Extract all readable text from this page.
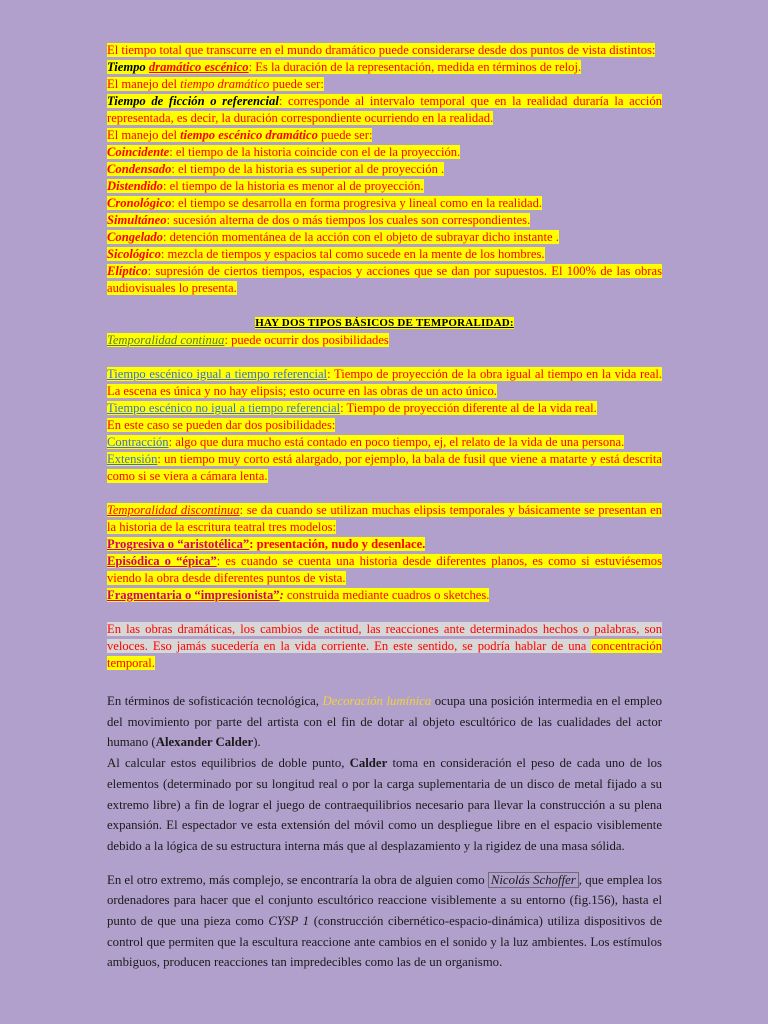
El tiempo total que transcurre en el mundo dramático puede considerarse desde dos puntos de vista distintos:

Tiempo dramático escénico: Es la duración de la representación, medida en términos de reloj.

El manejo del tiempo dramático puede ser:

Tiempo de ficción o referencial: corresponde al intervalo temporal que en la realidad duraría la acción representada, es decir, la duración correspondiente ocurriendo en la realidad.

El manejo del tiempo escénico dramático puede ser:

Coincidente: el tiempo de la historia coincide con el de la proyección.

Condensado: el tiempo de la historia es superior al de proyección .

Distendido: el tiempo de la historia es menor al de proyección.

Cronológico: el tiempo se desarrolla en forma progresiva y lineal como en la realidad.

Simultáneo: sucesión alterna de dos o más tiempos los cuales son correspondientes.

Congelado: detención momentánea de la acción con el objeto de subrayar dicho instante .

Sicológico: mezcla de tiempos y espacios tal como sucede en la mente de los hombres.

Elíptico: supresión de ciertos tiempos, espacios y acciones que se dan por supuestos. El 100% de las obras audiovisuales lo presenta.

HAY DOS TIPOS BÁSICOS DE TEMPORALIDAD:

Temporalidad continua: puede ocurrir dos posibilidades

Tiempo escénico igual a tiempo referencial: Tiempo de proyección de la obra igual al tiempo en la vida real. La escena es única y no hay elipsis; esto ocurre en las obras de un acto único.

Tiempo escénico no igual a tiempo referencial: Tiempo de proyección diferente al de la vida real.

En este caso se pueden dar dos posibilidades:

Contracción: algo que dura mucho está contado en poco tiempo, ej, el relato de la vida de una persona.

Extensión: un tiempo muy corto está alargado, por ejemplo, la bala de fusil que viene a matarte y está descrita como si se viera a cámara lenta.

Temporalidad discontinua: se da cuando se utilizan muchas elipsis temporales y básicamente se presentan en la historia de la escritura teatral tres modelos:

Progresiva o “aristotélica”: presentación, nudo y desenlace.

Episódica o “épica”: es cuando se cuenta una historia desde diferentes planos, es como si estuviésemos viendo la obra desde diferentes puntos de vista.

Fragmentaria o “impresionista”: construida mediante cuadros o sketches.

En las obras dramáticas, los cambios de actitud, las reacciones ante determinados hechos o palabras, son veloces. Eso jamás sucedería en la vida corriente. En este sentido, se podría hablar de una concentración temporal.

En términos de sofisticación tecnológica, Decoración lumínica ocupa una posición intermedia en el empleo del movimiento por parte del artista con el fin de dotar al objeto escultórico de las cualidades del actor humano (Alexander Calder).

Al calcular estos equilibrios de doble punto, Calder toma en consideración el peso de cada uno de los elementos (determinado por su longitud real o por la carga suplementaria de un disco de metal fijado a su extremo libre) a fin de lograr el juego de contraequilibrios necesario para llevar la construcción a su plena expansión. El espectador ve esta extensión del móvil como un despliegue libre en el espacio visiblemente debido a la lógica de su estructura interna más que al desplazamiento y la rigidez de una masa sólida.

En el otro extremo, más complejo, se encontraría la obra de alguien como Nicolás Schoffer , que emplea los ordenadores para hacer que el conjunto escultórico reaccione visiblemente a su entorno (fig.156), hasta el punto de que una pieza como CYSP 1 (construcción cibernético-espacio-dinámica) utiliza dispositivos de control que permiten que la escultura reaccione ante cambios en el sonido y la luz ambientes. Los estímulos ambiguos, producen reacciones tan impredecibles como las de un organismo.
